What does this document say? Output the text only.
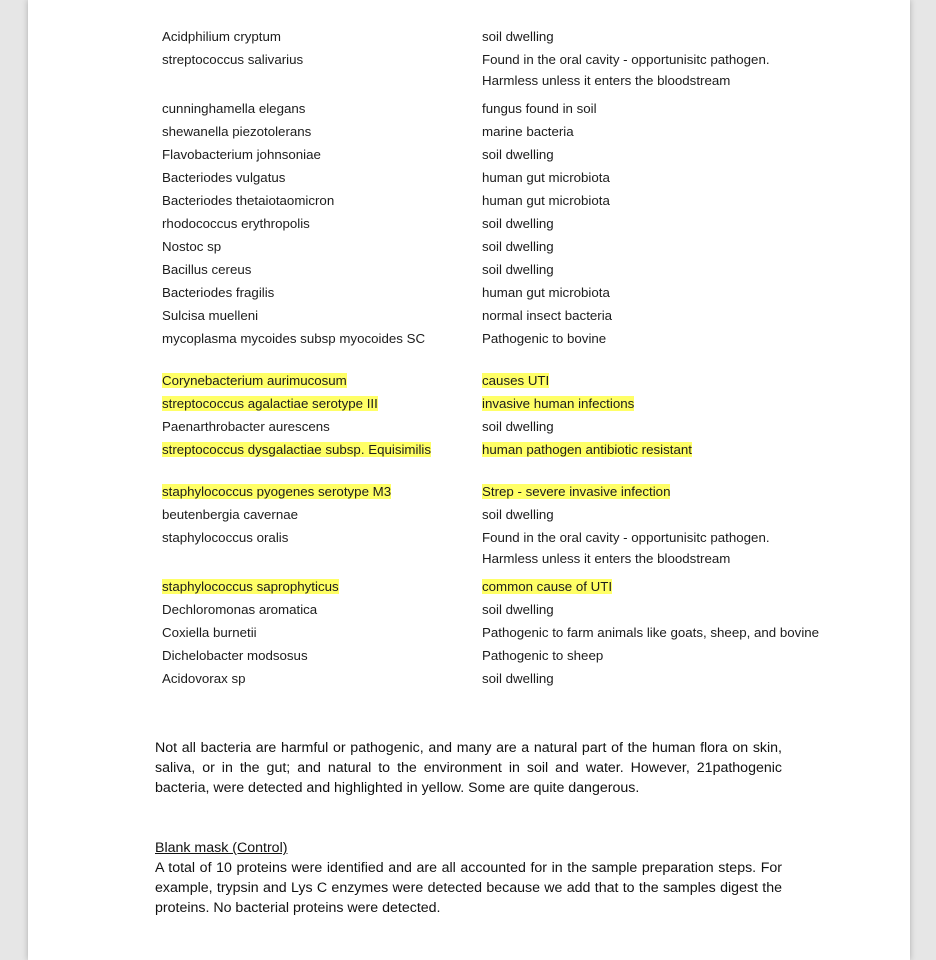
Acidphilium cryptum	soil dwelling
streptococcus salivarius	Found in the oral cavity - opportunisitc pathogen.
Harmless unless it enters the bloodstream
cunninghamella elegans	fungus found in soil
shewanella piezotolerans	marine bacteria
Flavobacterium johnsoniae	soil dwelling
Bacteriodes vulgatus	human gut microbiota
Bacteriodes thetaiotaomicron	human gut microbiota
rhodococcus erythropolis	soil dwelling
Nostoc sp	soil dwelling
Bacillus cereus	soil dwelling
Bacteriodes fragilis	human gut microbiota
Sulcisa muelleni	normal insect bacteria
mycoplasma mycoides subsp myocoides SC	Pathogenic to bovine
Corynebacterium aurimucosum	causes UTI
streptococcus agalactiae serotype III	invasive human infections
Paenarthrobacter aurescens	soil dwelling
streptococcus dysgalactiae subsp. Equisimilis	human pathogen antibiotic resistant
staphylococcus pyogenes serotype M3	Strep - severe invasive infection
beutenbergia cavernae	soil dwelling
staphylococcus oralis	Found in the oral cavity - opportunisitc pathogen.
Harmless unless it enters the bloodstream
staphylococcus saprophyticus	common cause of UTI
Dechloromonas aromatica	soil dwelling
Coxiella burnetii	Pathogenic to farm animals like goats, sheep, and bovine
Dichelobacter modsosus	Pathogenic to sheep
Acidovorax sp	soil dwelling

Not all bacteria are harmful or pathogenic, and many are a natural part of the human flora on skin, saliva, or in the gut; and natural to the environment in soil and water. However, 21pathogenic bacteria, were detected and highlighted in yellow. Some are quite dangerous.

Blank mask (Control)

A total of 10 proteins were identified and are all accounted for in the sample preparation steps. For example, trypsin and Lys C enzymes were detected because we add that to the samples digest the proteins. No bacterial proteins were detected.
